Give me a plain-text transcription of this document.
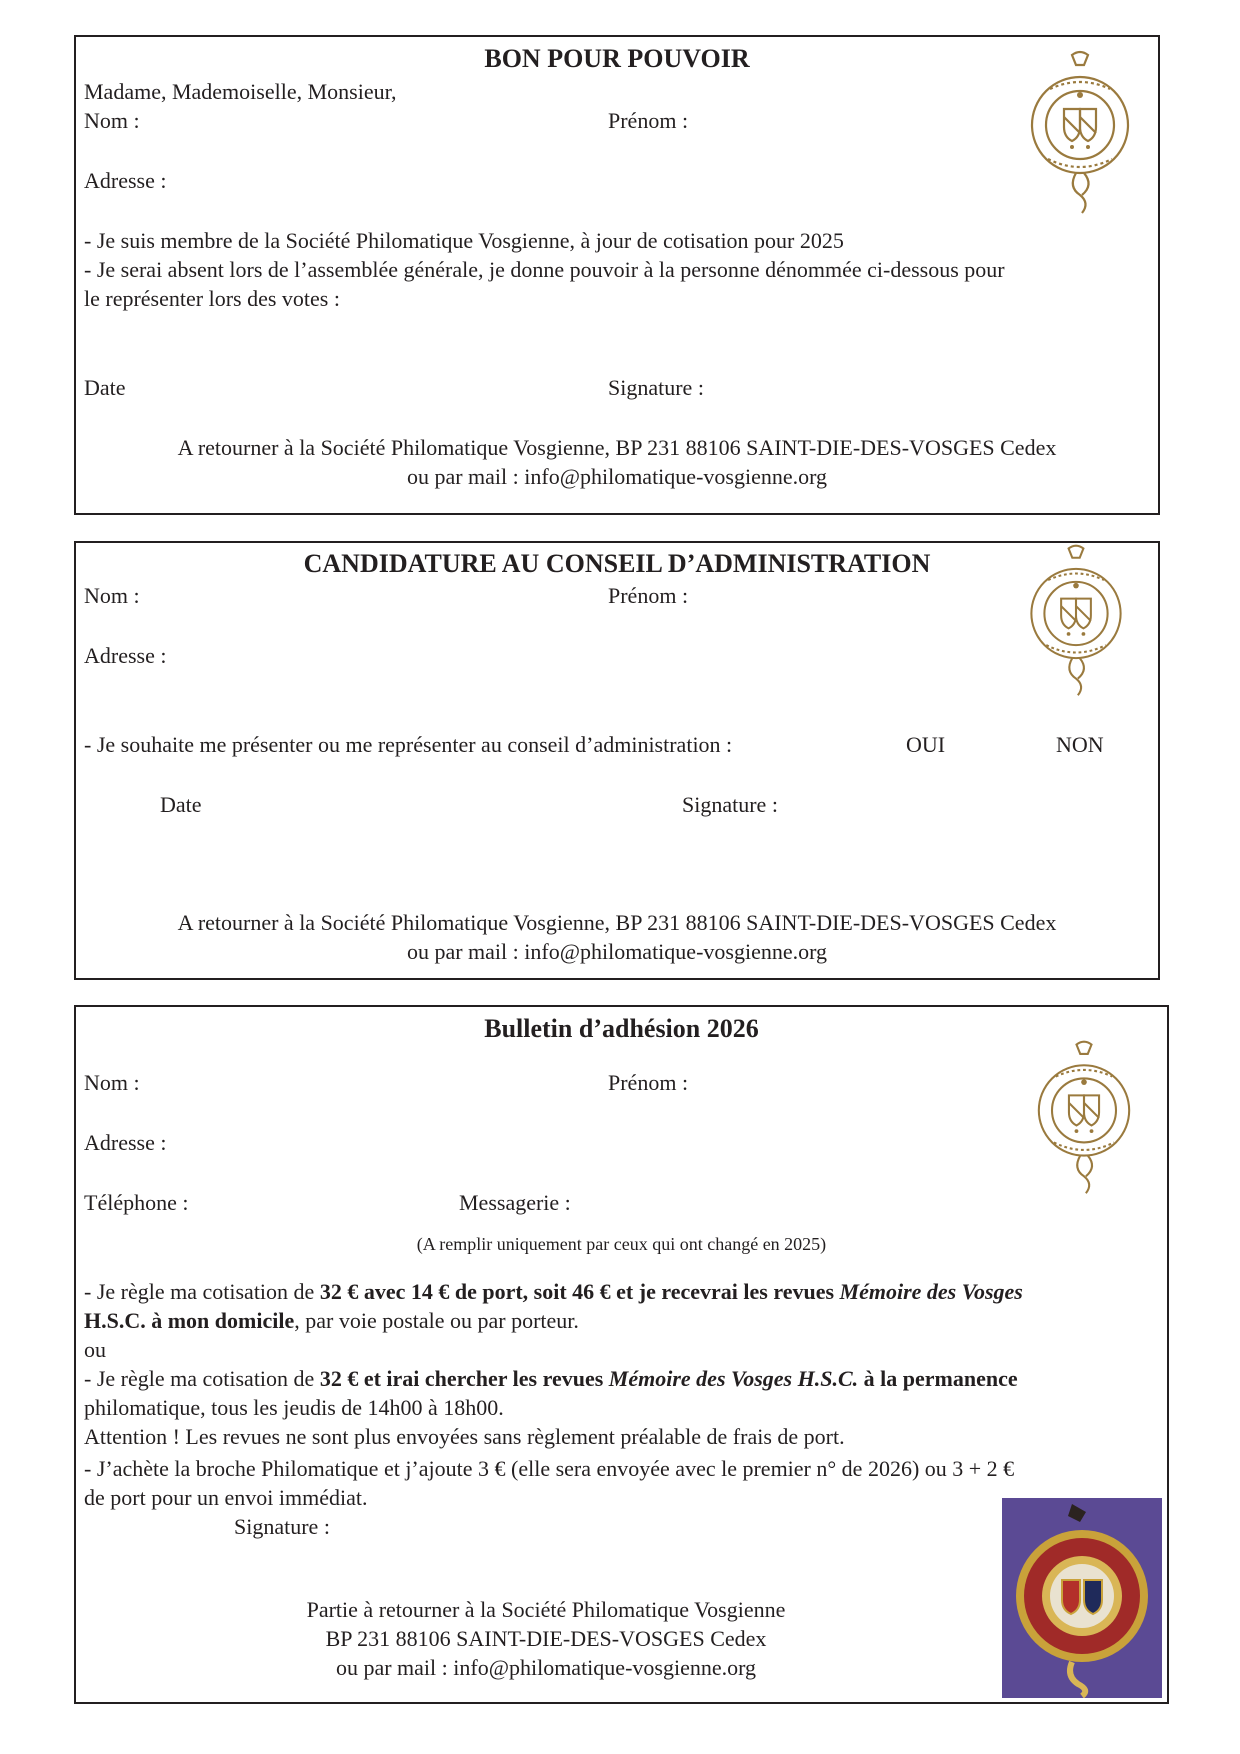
BON POUR POUVOIR
Madame, Mademoiselle, Monsieur,
Nom :	Prénom :
Adresse :
- Je suis membre de la Société Philomatique Vosgienne, à jour de cotisation pour 2025
- Je serai absent lors de l’assemblée générale, je donne pouvoir à la personne dénommée ci-dessous pour
le représenter lors des votes :
Date	Signature :
A retourner à la Société Philomatique Vosgienne, BP 231 88106 SAINT-DIE-DES-VOSGES Cedex
ou par mail : info@philomatique-vosgienne.org
CANDIDATURE AU CONSEIL D’ADMINISTRATION
Nom :	Prénom :
Adresse :
- Je souhaite me présenter ou me représenter au conseil d’administration :	OUI	NON
Date	Signature :
A retourner à la Société Philomatique Vosgienne, BP 231 88106 SAINT-DIE-DES-VOSGES Cedex
ou par mail : info@philomatique-vosgienne.org
Bulletin d’adhésion 2026
Nom :	Prénom :
Adresse :
Téléphone :	Messagerie :
(A remplir uniquement par ceux qui ont changé en 2025)
- Je règle ma cotisation de 32 € avec 14 € de port, soit 46 € et je recevrai les revues Mémoire des Vosges
H.S.C. à mon domicile, par voie postale ou par porteur.
ou
- Je règle ma cotisation de 32 € et irai chercher les revues Mémoire des Vosges H.S.C. à la permanence
philomatique, tous les jeudis de 14h00 à 18h00.
Attention ! Les revues ne sont plus envoyées sans règlement préalable de frais de port.
- J’achète la broche Philomatique et j’ajoute 3 € (elle sera envoyée avec le premier n° de 2026) ou 3 + 2 €
de port pour un envoi immédiat.
Signature :
Partie à retourner à la Société Philomatique Vosgienne
BP 231 88106 SAINT-DIE-DES-VOSGES Cedex
ou par mail : info@philomatique-vosgienne.org
